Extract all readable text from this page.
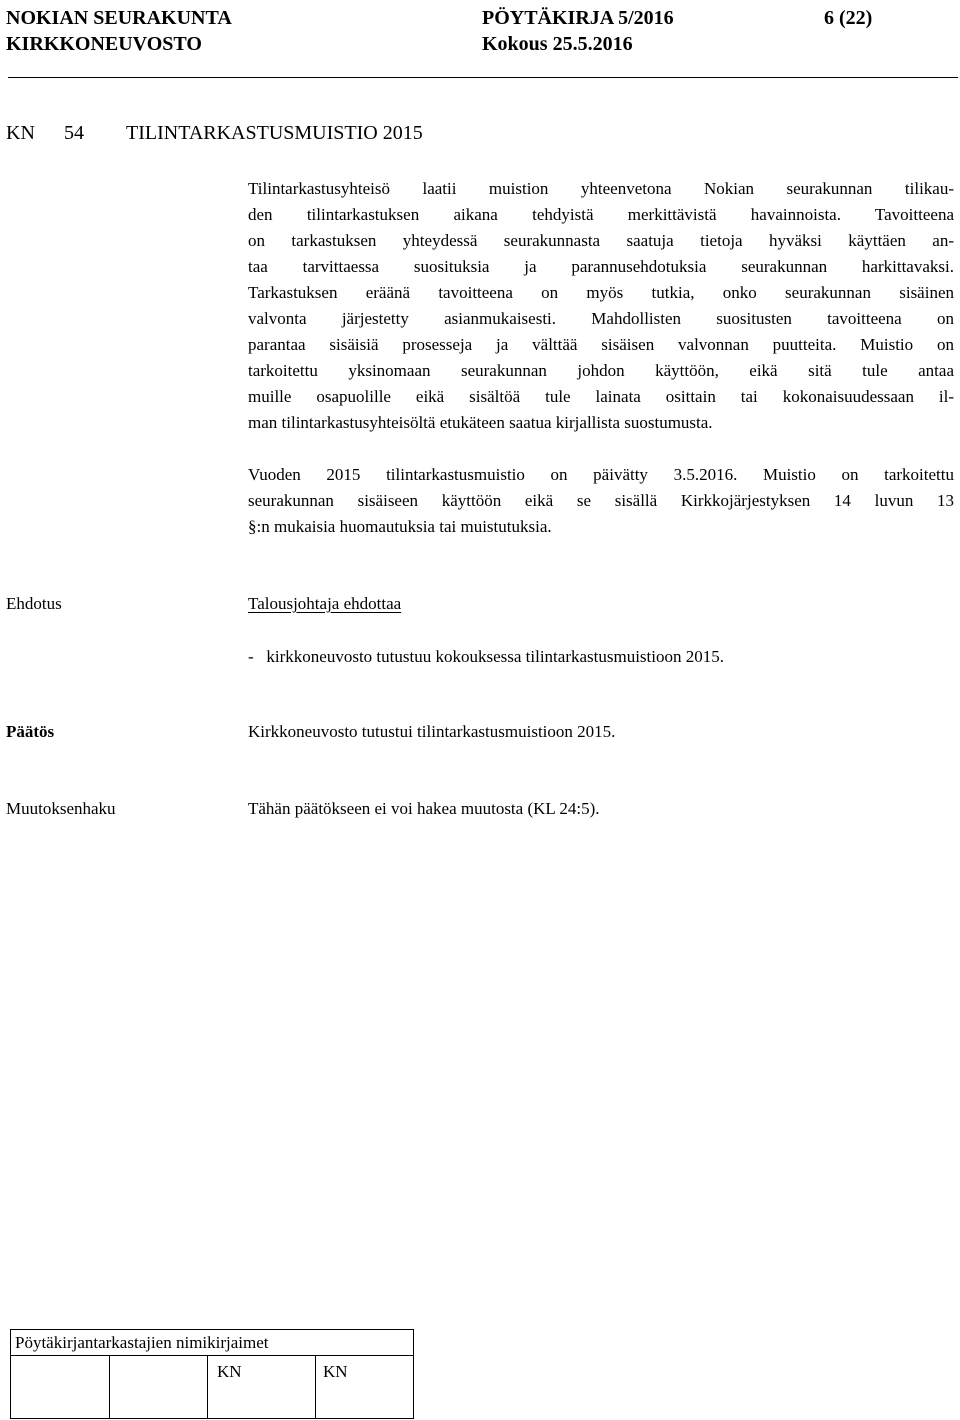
NOKIAN SEURAKUNTA
KIRKKONEUVOSTO
PÖYTÄKIRJA 5/2016
Kokous 25.5.2016
6 (22)
KN 54 TILINTARKASTUSMUISTIO 2015
Tilintarkastusyhteisö laatii muistion yhteenvetona Nokian seurakunnan tilikau-
den tilintarkastuksen aikana tehdyistä merkittävistä havainnoista. Tavoitteena
on tarkastuksen yhteydessä seurakunnasta saatuja tietoja hyväksi käyttäen an-
taa tarvittaessa suosituksia ja parannusehdotuksia seurakunnan harkittavaksi.
Tarkastuksen eräänä tavoitteena on myös tutkia, onko seurakunnan sisäinen
valvonta järjestetty asianmukaisesti. Mahdollisten suositusten tavoitteena on
parantaa sisäisiä prosesseja ja välttää sisäisen valvonnan puutteita. Muistio on
tarkoitettu yksinomaan seurakunnan johdon käyttöön, eikä sitä tule antaa
muille osapuolille eikä sisältöä tule lainata osittain tai kokonaisuudessaan il-
man tilintarkastusyhteisöltä etukäteen saatua kirjallista suostumusta.
Vuoden 2015 tilintarkastusmuistio on päivätty 3.5.2016. Muistio on tarkoitettu
seurakunnan sisäiseen käyttöön eikä se sisällä Kirkkojärjestyksen 14 luvun 13
§:n mukaisia huomautuksia tai muistutuksia.
Ehdotus	Talousjohtaja ehdottaa
-   kirkkoneuvosto tutustuu kokouksessa tilintarkastusmuistioon 2015.
Päätös	Kirkkoneuvosto tutustui tilintarkastusmuistioon 2015.
Muutoksenhaku	Tähän päätökseen ei voi hakea muutosta (KL 24:5).
Pöytäkirjantarkastajien nimikirjaimet
KN	KN
